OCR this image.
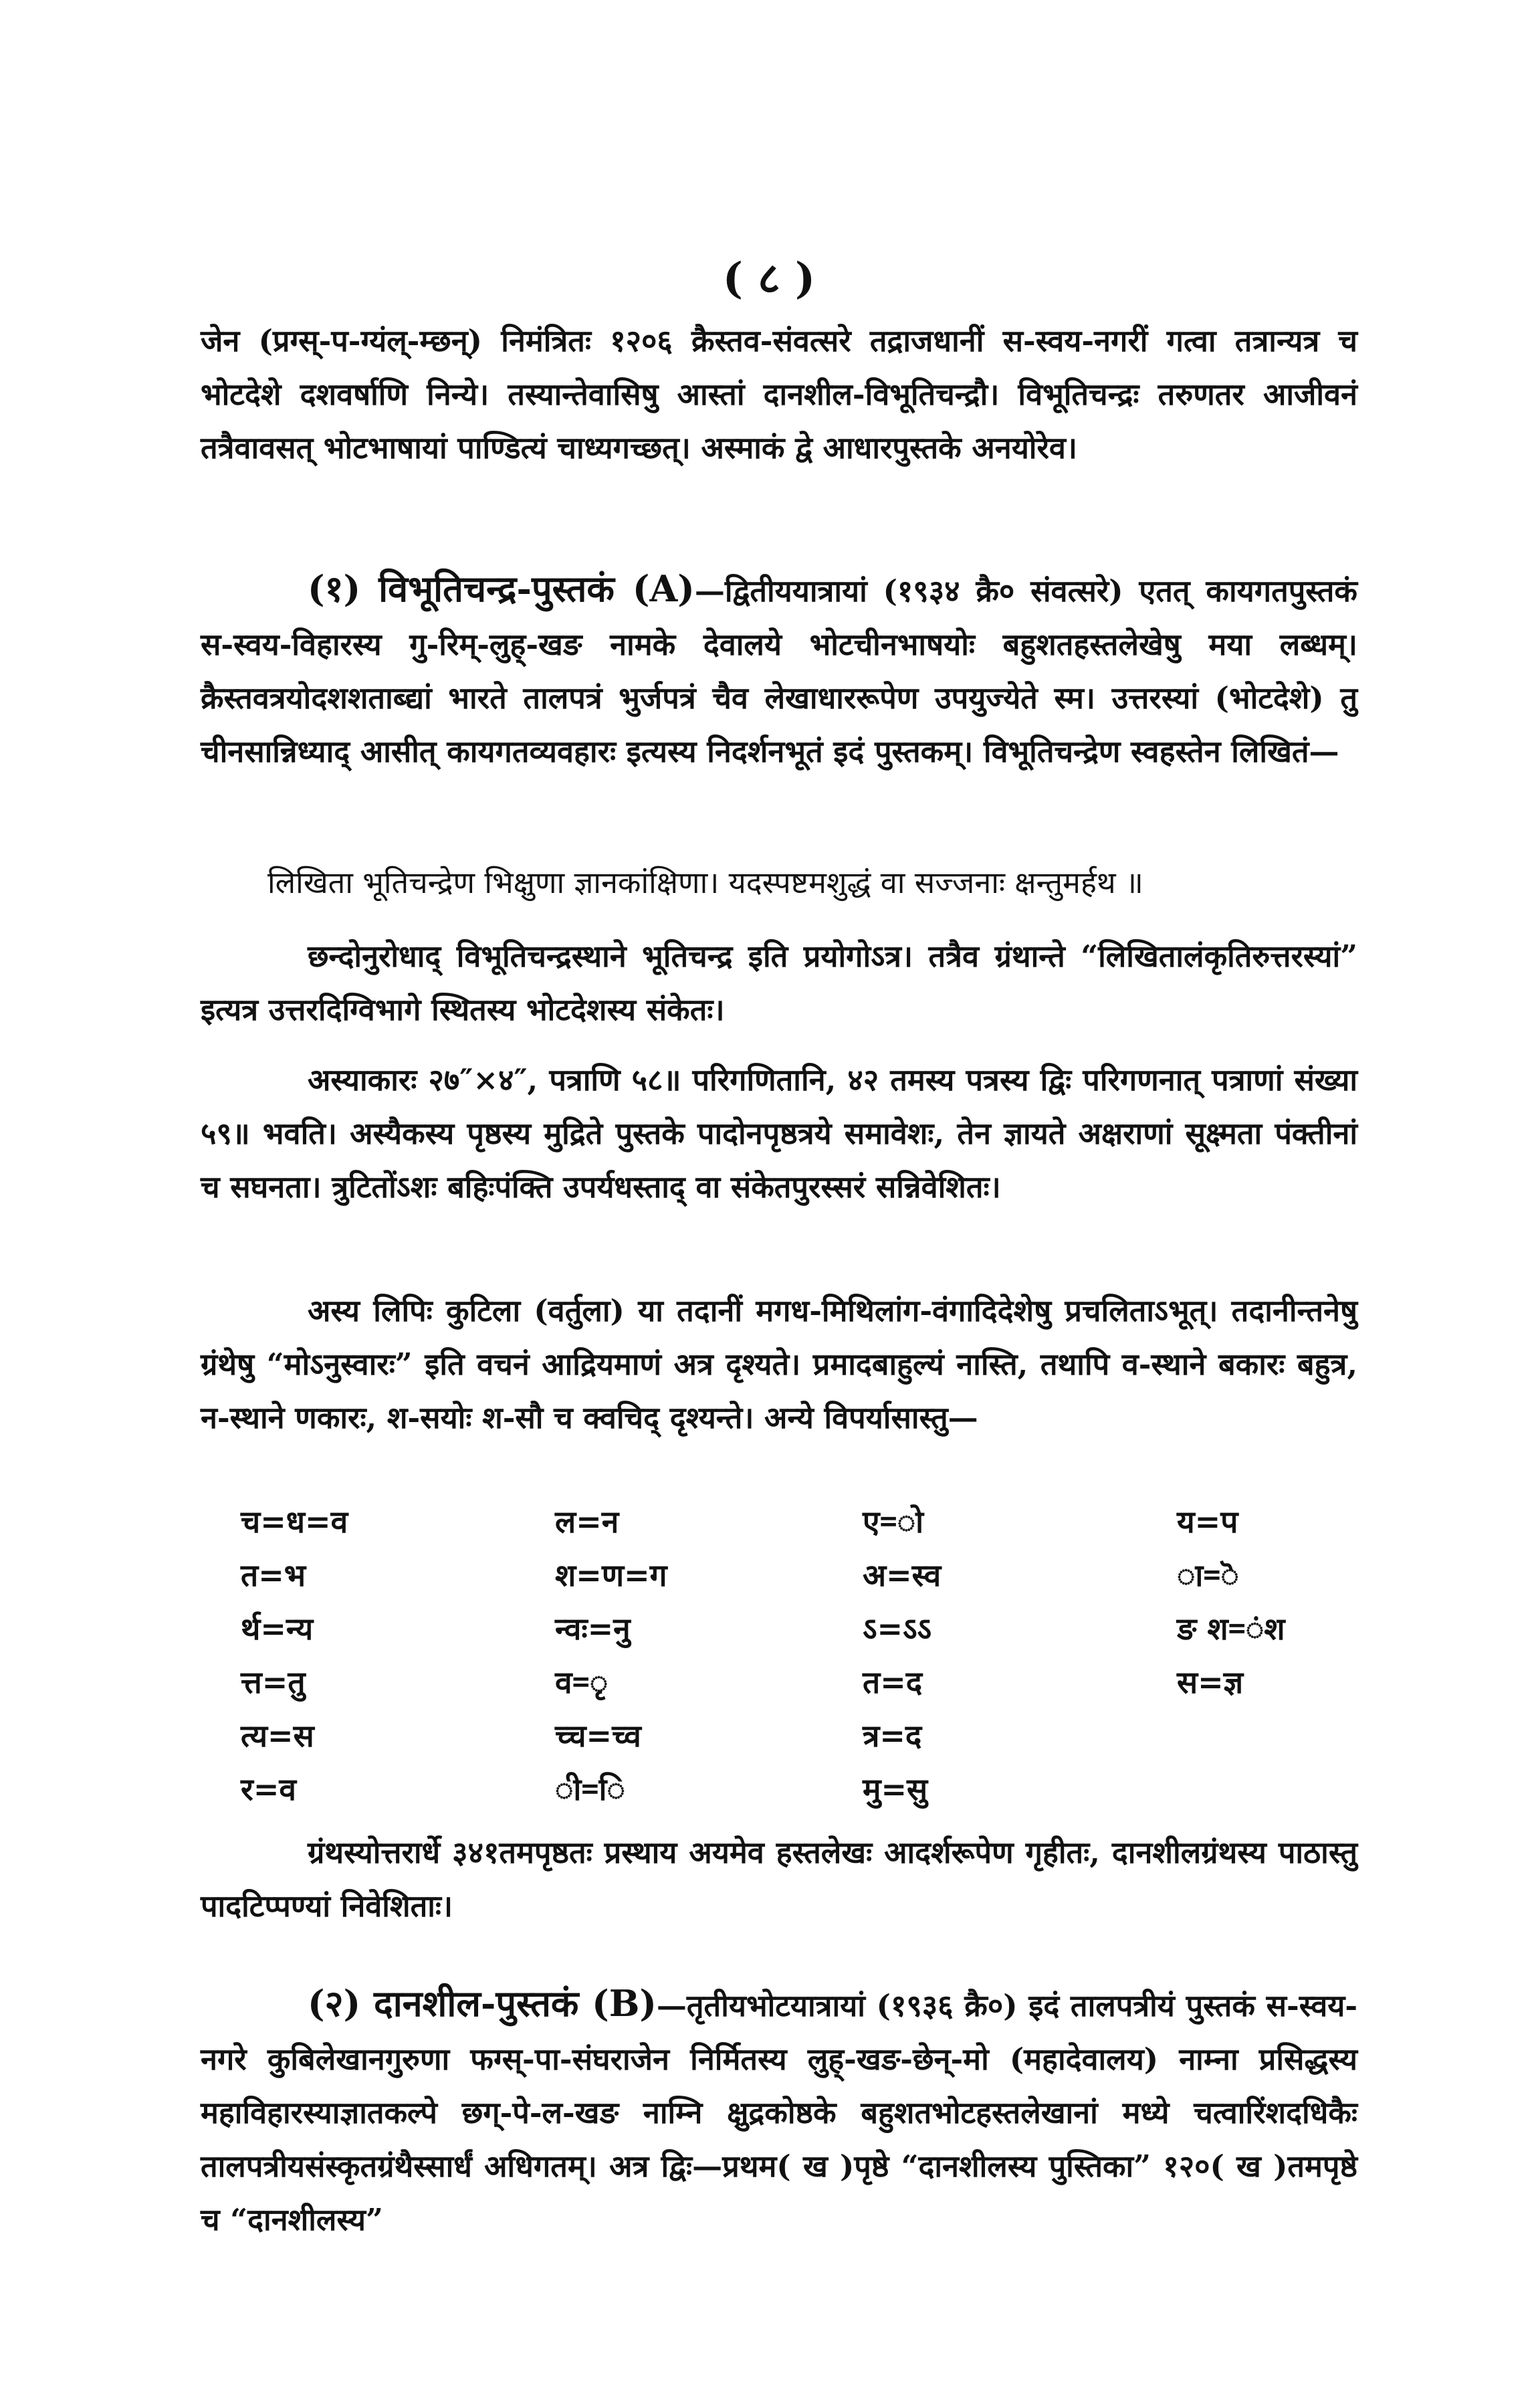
( ८ )

जेन (प्रग्स्-प-ग्यंल्-म्छन्) निमंत्रितः १२०६ क्रैस्तव-संवत्सरे तद्राजधानीं स-स्वय-नगरीं गत्वा तत्रान्यत्र च भोटदेशे दशवर्षाणि निन्ये। तस्यान्तेवासिषु आस्तां दानशील-विभूतिचन्द्रौ। विभूतिचन्द्रः तरुणतर आजीवनं तत्रैवावसत् भोटभाषायां पाण्डित्यं चाध्यगच्छत्। अस्माकं द्वे आधारपुस्तके अनयोरेव।

(१) विभूतिचन्द्र-पुस्तकं (A)—द्वितीययात्रायां (१९३४ क्रै० संवत्सरे) एतत् कायगतपुस्तकं स-स्वय-विहारस्य गु-रिम्-लुह्-खङ नामके देवालये भोटचीनभाषयोः बहुशतहस्तलेखेषु मया लब्धम्। क्रैस्तवत्रयोदशशताब्द्यां भारते तालपत्रं भुर्जपत्रं चैव लेखाधाररूपेण उपयुज्येते स्म। उत्तरस्यां (भोटदेशे) तु चीनसान्निध्याद् आसीत् कायगतव्यवहारः इत्यस्य निदर्शनभूतं इदं पुस्तकम्। विभूतिचन्द्रेण स्वहस्तेन लिखितं—

लिखिता भूतिचन्द्रेण भिक्षुणा ज्ञानकांक्षिणा। यदस्पष्टमशुद्धं वा सज्जनाः क्षन्तुमर्हथ ॥

छन्दोनुरोधाद् विभूतिचन्द्रस्थाने भूतिचन्द्र इति प्रयोगोऽत्र। तत्रैव ग्रंथान्ते “लिखितालंकृतिरुत्तरस्यां” इत्यत्र उत्तरदिग्विभागे स्थितस्य भोटदेशस्य संकेतः।

अस्याकारः २७″×४″, पत्राणि ५८॥ परिगणितानि, ४२ तमस्य पत्रस्य द्विः परिगणनात् पत्राणां संख्या ५९॥ भवति। अस्यैकस्य पृष्ठस्य मुद्रिते पुस्तके पादोनपृष्ठत्रये समावेशः, तेन ज्ञायते अक्षराणां सूक्ष्मता पंक्तीनां च सघनता। त्रुटितोंऽशः बहिःपंक्ति उपर्यधस्ताद् वा संकेतपुरस्सरं सन्निवेशितः।

अस्य लिपिः कुटिला (वर्तुला) या तदानीं मगध-मिथिलांग-वंगादिदेशेषु प्रचलिताऽभूत्। तदानीन्तनेषु ग्रंथेषु “मोऽनुस्वारः” इति वचनं आद्रियमाणं अत्र दृश्यते। प्रमादबाहुल्यं नास्ति, तथापि व-स्थाने बकारः बहुत्र, न-स्थाने णकारः, श-सयोः श-सौ च क्वचिद् दृश्यन्ते। अन्ये विपर्यासास्तु—

च=ध=व	ल=न	ए=ो	य=प
त=भ	श=ण=ग	अ=स्व	ा=ॆ
र्थ=न्य	न्वः=नु	ऽ=ऽऽ	ङ श=ंश
त्त=तु	व=ृ	त=द	स=ज्ञ
त्य=स	च्च=च्व	त्र=द
र=व	ी=ि	मु=सु

ग्रंथस्योत्तरार्धे ३४१तमपृष्ठतः प्रस्थाय अयमेव हस्तलेखः आदर्शरूपेण गृहीतः, दानशीलग्रंथस्य पाठास्तु पादटिप्पण्यां निवेशिताः।

(२) दानशील-पुस्तकं (B)—तृतीयभोटयात्रायां (१९३६ क्रै०) इदं तालपत्रीयं पुस्तकं स-स्वय-नगरे कुबिलेखानगुरुणा फग्स्-पा-संघराजेन निर्मितस्य लुह्-खङ-छेन्-मो (महादेवालय) नाम्ना प्रसिद्धस्य महाविहारस्याज्ञातकल्पे छग्-पे-ल-खङ नाम्नि क्षुद्रकोष्ठके बहुशतभोटहस्तलेखानां मध्ये चत्वारिंशदधिकैः तालपत्रीयसंस्कृतग्रंथैस्सार्धं अधिगतम्। अत्र द्विः—प्रथम( ख )पृष्ठे “दानशीलस्य पुस्तिका” १२०( ख )तमपृष्ठे च “दानशीलस्य”
